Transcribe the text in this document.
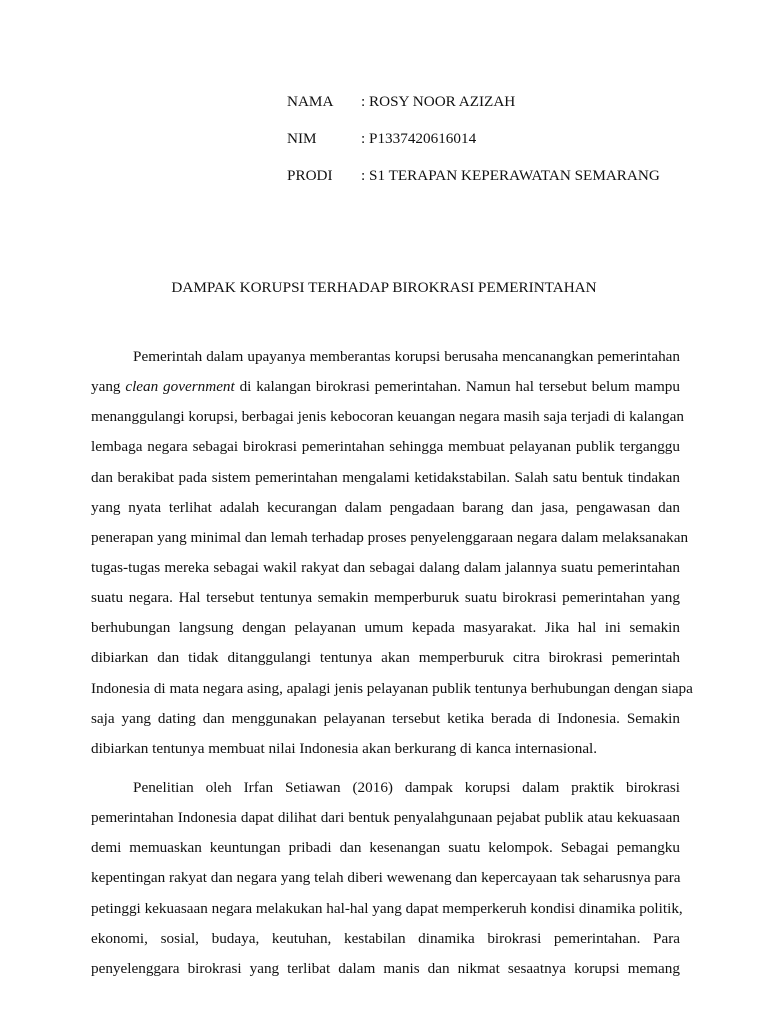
NAMA	: ROSY NOOR AZIZAH
NIM	: P1337420616014
PRODI	: S1 TERAPAN KEPERAWATAN SEMARANG
DAMPAK KORUPSI TERHADAP BIROKRASI PEMERINTAHAN
Pemerintah dalam upayanya memberantas korupsi berusaha mencanangkan pemerintahan
yang clean government di kalangan birokrasi pemerintahan. Namun hal tersebut belum mampu
menanggulangi korupsi, berbagai jenis kebocoran keuangan negara masih saja terjadi di kalangan
lembaga negara sebagai birokrasi pemerintahan sehingga membuat pelayanan publik terganggu
dan berakibat pada sistem pemerintahan mengalami ketidakstabilan. Salah satu bentuk tindakan
yang nyata terlihat adalah kecurangan dalam pengadaan barang dan jasa, pengawasan dan
penerapan yang minimal dan lemah terhadap proses penyelenggaraan negara dalam melaksanakan
tugas-tugas mereka sebagai wakil rakyat dan sebagai dalang dalam jalannya suatu pemerintahan
suatu negara. Hal tersebut tentunya semakin memperburuk suatu birokrasi pemerintahan yang
berhubungan langsung dengan pelayanan umum kepada masyarakat. Jika hal ini semakin
dibiarkan dan tidak ditanggulangi tentunya akan memperburuk citra birokrasi pemerintah
Indonesia di mata negara asing, apalagi jenis pelayanan publik tentunya berhubungan dengan siapa
saja yang dating dan menggunakan pelayanan tersebut ketika berada di Indonesia. Semakin
dibiarkan tentunya membuat nilai Indonesia akan berkurang di kanca internasional.
Penelitian oleh Irfan Setiawan (2016) dampak korupsi dalam praktik birokrasi
pemerintahan Indonesia dapat dilihat dari bentuk penyalahgunaan pejabat publik atau kekuasaan
demi memuaskan keuntungan pribadi dan kesenangan suatu kelompok. Sebagai pemangku
kepentingan rakyat dan negara yang telah diberi wewenang dan kepercayaan tak seharusnya para
petinggi kekuasaan negara melakukan hal-hal yang dapat memperkeruh kondisi dinamika politik,
ekonomi, sosial, budaya, keutuhan, kestabilan dinamika birokrasi pemerintahan. Para
penyelenggara birokrasi yang terlibat dalam manis dan nikmat sesaatnya korupsi memang
